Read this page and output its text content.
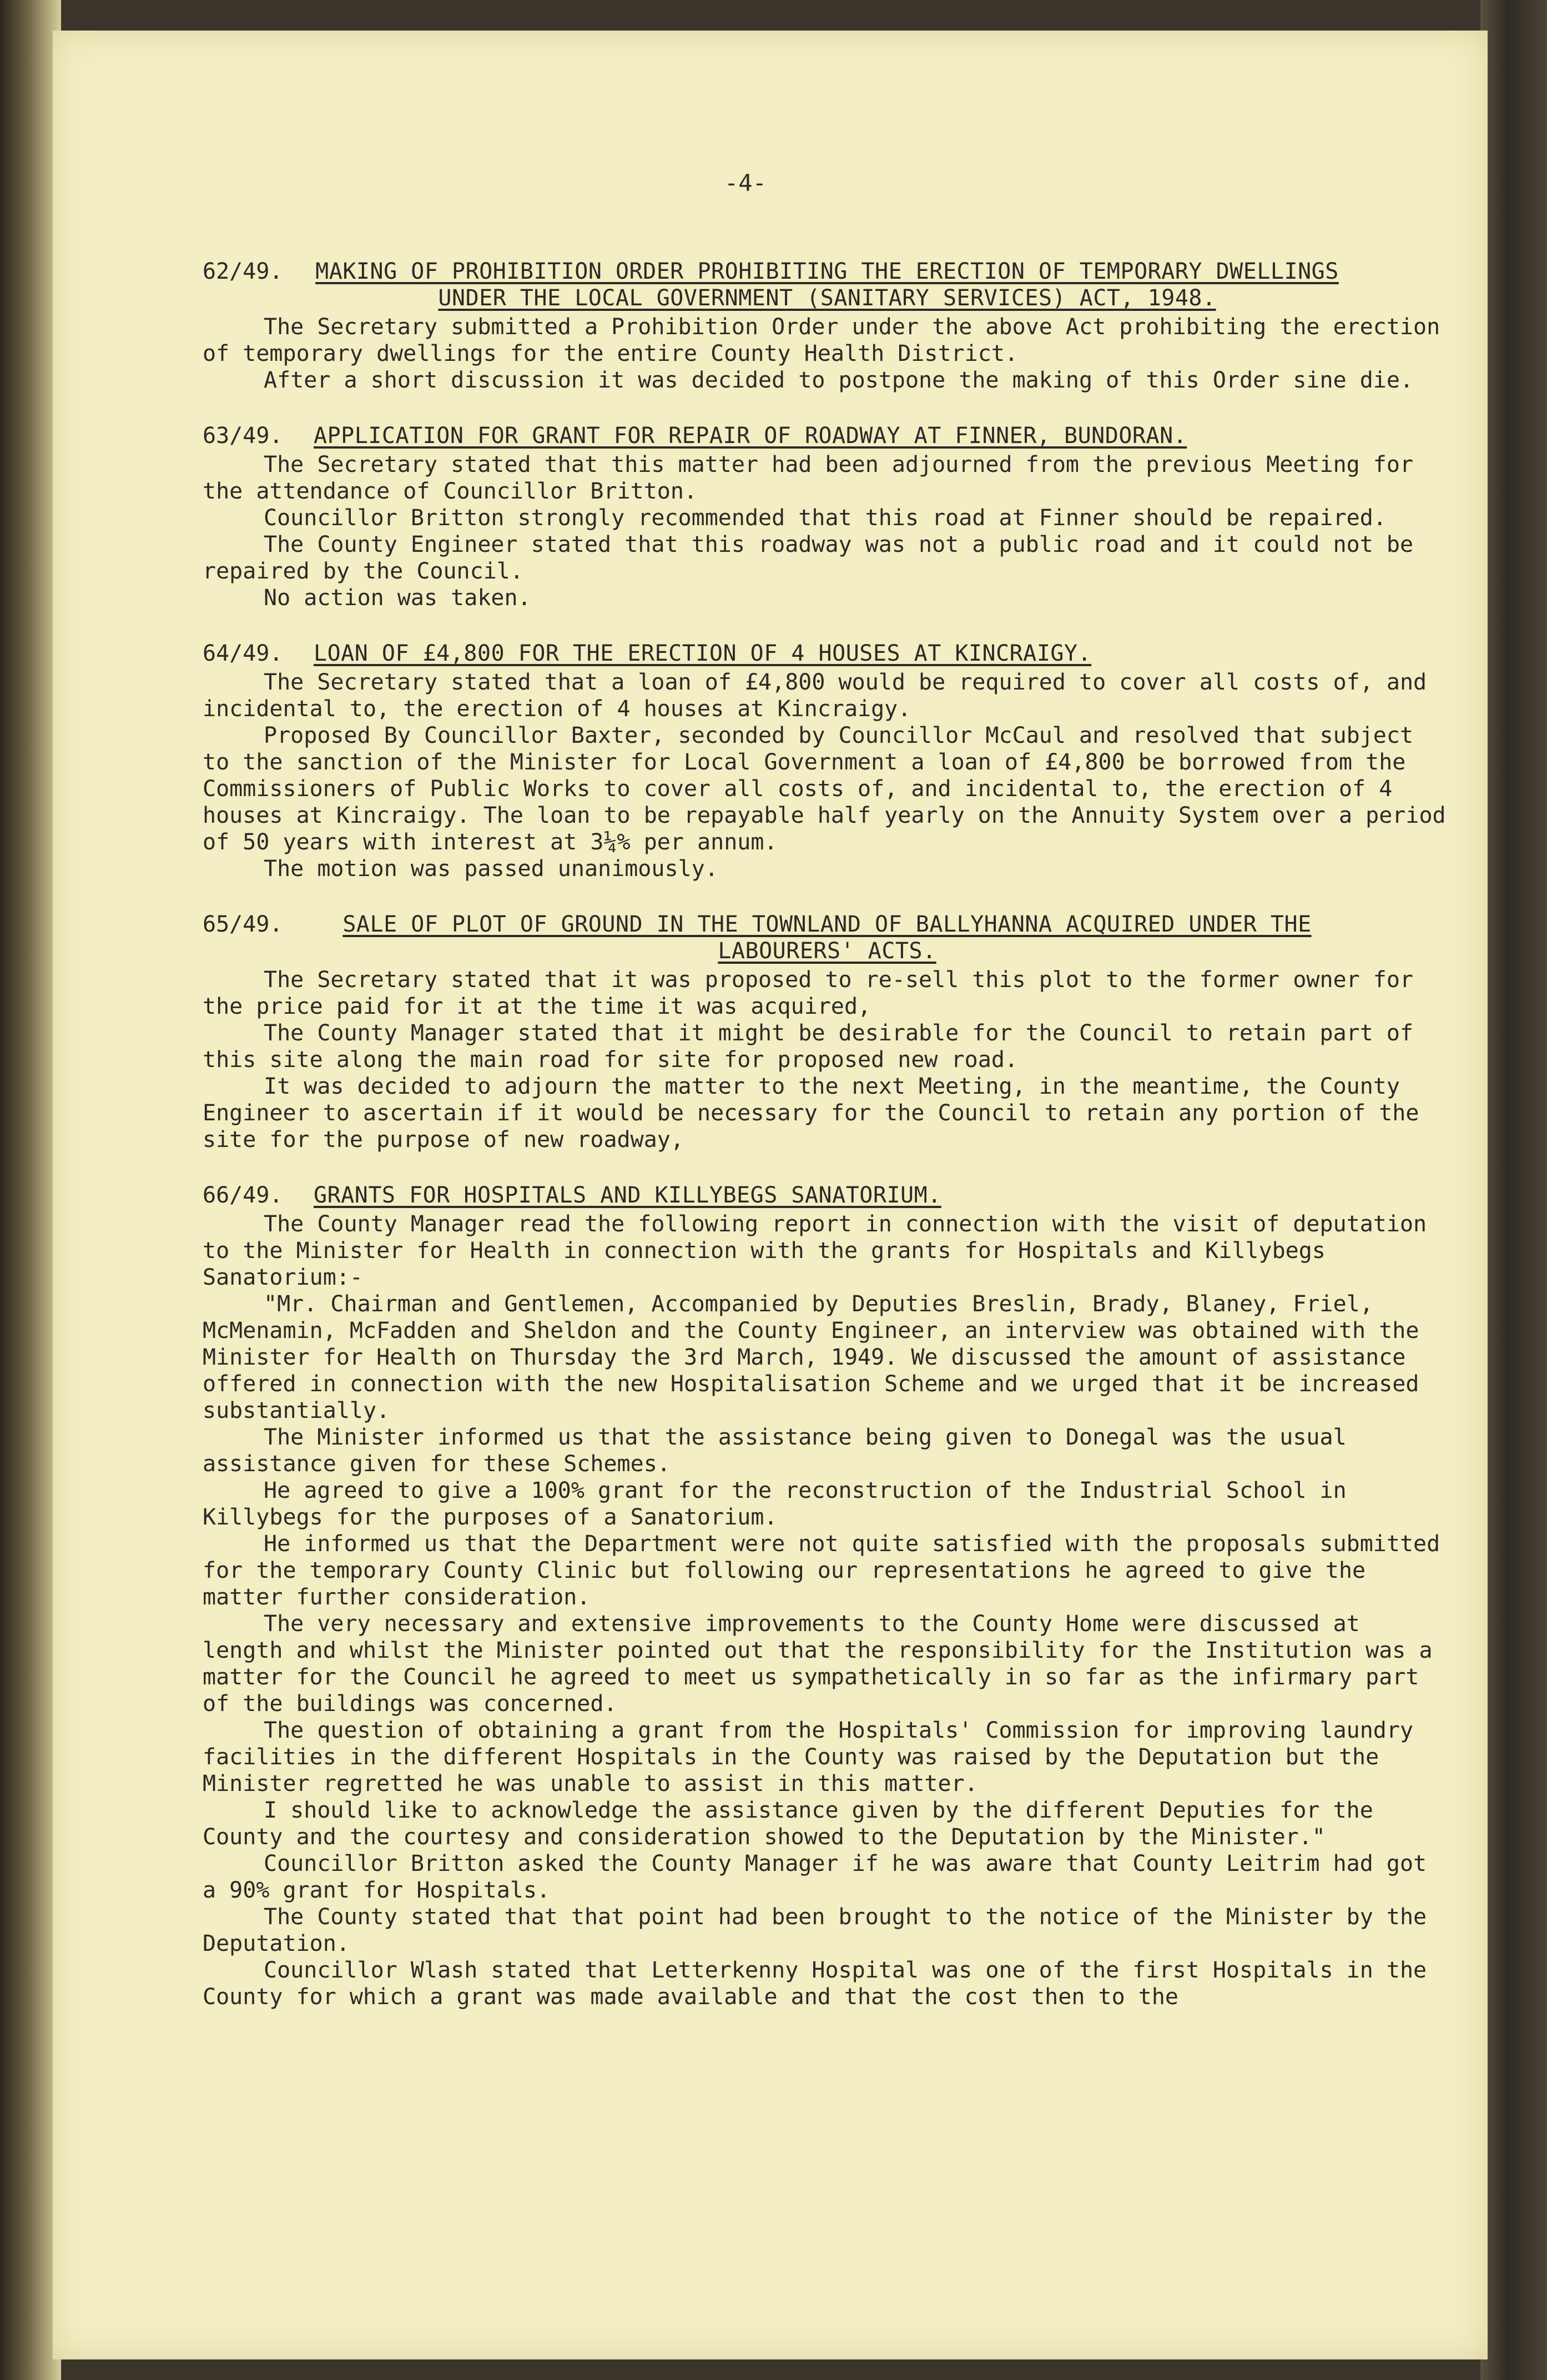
-4-
62/49.	MAKING OF PROHIBITION ORDER PROHIBITING THE ERECTION OF TEMPORARY DWELLINGS UNDER THE LOCAL GOVERNMENT (SANITARY SERVICES) ACT, 1948.

The Secretary submitted a Prohibition Order under the above Act prohibiting the erection of temporary dwellings for the entire County Health District.

After a short discussion it was decided to postpone the making of this Order sine die.

63/49.	APPLICATION FOR GRANT FOR REPAIR OF ROADWAY AT FINNER, BUNDORAN.

The Secretary stated that this matter had been adjourned from the previous Meeting for the attendance of Councillor Britton.

Councillor Britton strongly recommended that this road at Finner should be repaired.

The County Engineer stated that this roadway was not a public road and it could not be repaired by the Council.

No action was taken.

64/49.	LOAN OF £4,800 FOR THE ERECTION OF 4 HOUSES AT KINCRAIGY.

The Secretary stated that a loan of £4,800 would be required to cover all costs of, and incidental to, the erection of 4 houses at Kincraigy.

Proposed By Councillor Baxter, seconded by Councillor McCaul and resolved that subject to the sanction of the Minister for Local Government a loan of £4,800 be borrowed from the Commissioners of Public Works to cover all costs of, and incidental to, the erection of 4 houses at Kincraigy. The loan to be repayable half yearly on the Annuity System over a period of 50 years with interest at 3¼% per annum.

The motion was passed unanimously.

65/49.	SALE OF PLOT OF GROUND IN THE TOWNLAND OF BALLYHANNA ACQUIRED UNDER THE LABOURERS' ACTS.

The Secretary stated that it was proposed to re-sell this plot to the former owner for the price paid for it at the time it was acquired,

The County Manager stated that it might be desirable for the Council to retain part of this site along the main road for site for proposed new road.

It was decided to adjourn the matter to the next Meeting, in the meantime, the County Engineer to ascertain if it would be necessary for the Council to retain any portion of the site for the purpose of new roadway,

66/49.	GRANTS FOR HOSPITALS AND KILLYBEGS SANATORIUM.

The County Manager read the following report in connection with the visit of deputation to the Minister for Health in connection with the grants for Hospitals and Killybegs Sanatorium:-

"Mr. Chairman and Gentlemen, Accompanied by Deputies Breslin, Brady, Blaney, Friel, McMenamin, McFadden and Sheldon and the County Engineer, an interview was obtained with the Minister for Health on Thursday the 3rd March, 1949. We discussed the amount of assistance offered in connection with the new Hospitalisation Scheme and we urged that it be increased substantially.

The Minister informed us that the assistance being given to Donegal was the usual assistance given for these Schemes.

He agreed to give a 100% grant for the reconstruction of the Industrial School in Killybegs for the purposes of a Sanatorium.

He informed us that the Department were not quite satisfied with the proposals submitted for the temporary County Clinic but following our representations he agreed to give the matter further consideration.

The very necessary and extensive improvements to the County Home were discussed at length and whilst the Minister pointed out that the responsibility for the Institution was a matter for the Council he agreed to meet us sympathetically in so far as the infirmary part of the buildings was concerned.

The question of obtaining a grant from the Hospitals' Commission for improving laundry facilities in the different Hospitals in the County was raised by the Deputation but the Minister regretted he was unable to assist in this matter.

I should like to acknowledge the assistance given by the different Deputies for the County and the courtesy and consideration showed to the Deputation by the Minister."

Councillor Britton asked the County Manager if he was aware that County Leitrim had got a 90% grant for Hospitals.

The County stated that that point had been brought to the notice of the Minister by the Deputation.

Councillor Wlash stated that Letterkenny Hospital was one of the first Hospitals in the County for which a grant was made available and that the cost then to the
